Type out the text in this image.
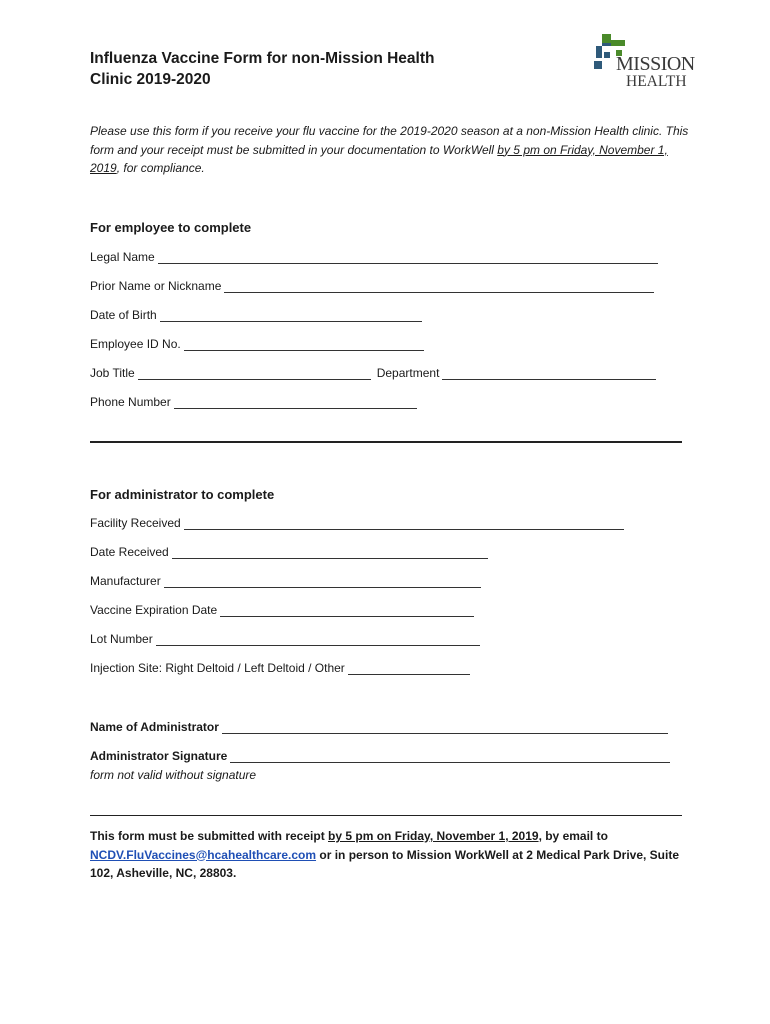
Influenza Vaccine Form for non-Mission Health
Clinic 2019-2020
MISSION
HEALTH
Please use this form if you receive your flu vaccine for the 2019-2020 season at a non-Mission Health clinic. This form and your receipt must be submitted in your documentation to WorkWell by 5 pm on Friday, November 1, 2019, for compliance.
For employee to complete
Legal Name
Prior Name or Nickname
Date of Birth
Employee ID No.
Job Title	Department
Phone Number
For administrator to complete
Facility Received
Date Received
Manufacturer
Vaccine Expiration Date
Lot Number
Injection Site: Right Deltoid / Left Deltoid / Other
Name of Administrator
Administrator Signature
form not valid without signature
This form must be submitted with receipt by 5 pm on Friday, November 1, 2019, by email to
NCDV.FluVaccines@hcahealthcare.com or in person to Mission WorkWell at 2 Medical Park Drive, Suite 102, Asheville, NC, 28803.
